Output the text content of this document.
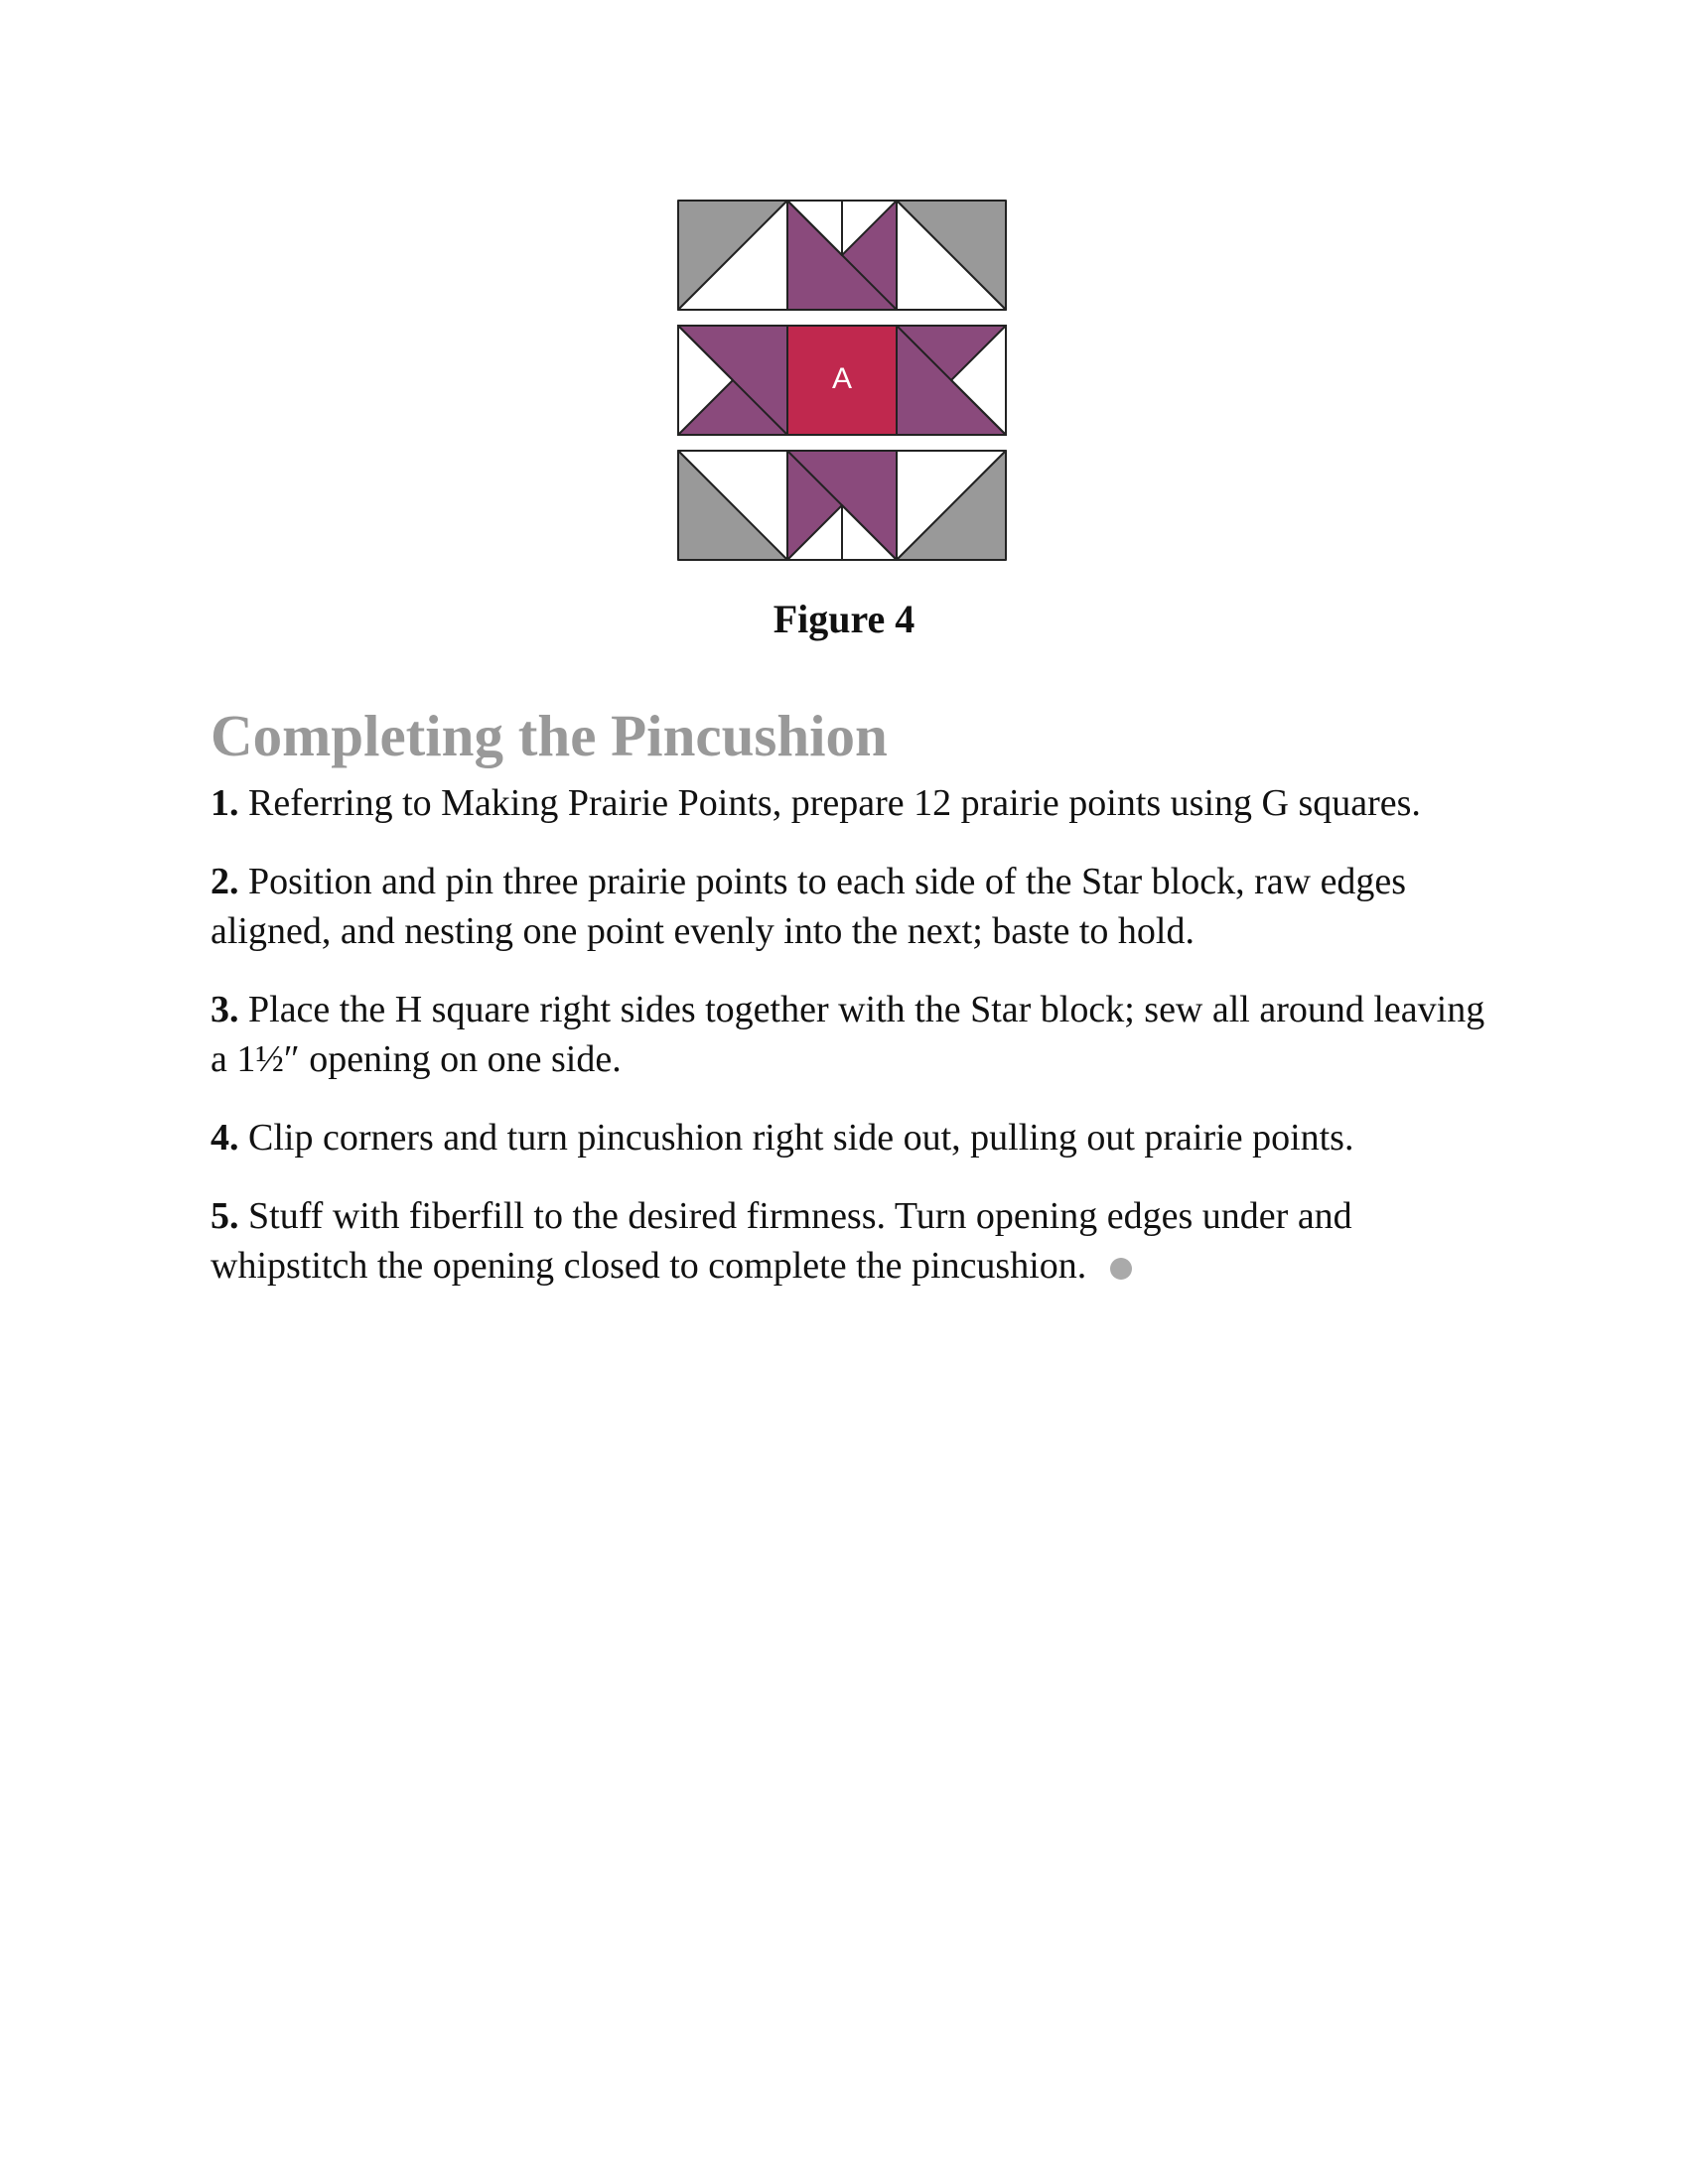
A
Figure 4
Completing the Pincushion

1. Referring to Making Prairie Points, prepare 12 prairie points using G squares.

2. Position and pin three prairie points to each side of the Star block, raw edges aligned, and nesting one point evenly into the next; baste to hold.

3. Place the H square right sides together with the Star block; sew all around leaving a 1½″ opening on one side.

4. Clip corners and turn pincushion right side out, pulling out prairie points.

5. Stuff with fiberfill to the desired firmness. Turn opening edges under and whipstitch the opening closed to complete the pincushion.
